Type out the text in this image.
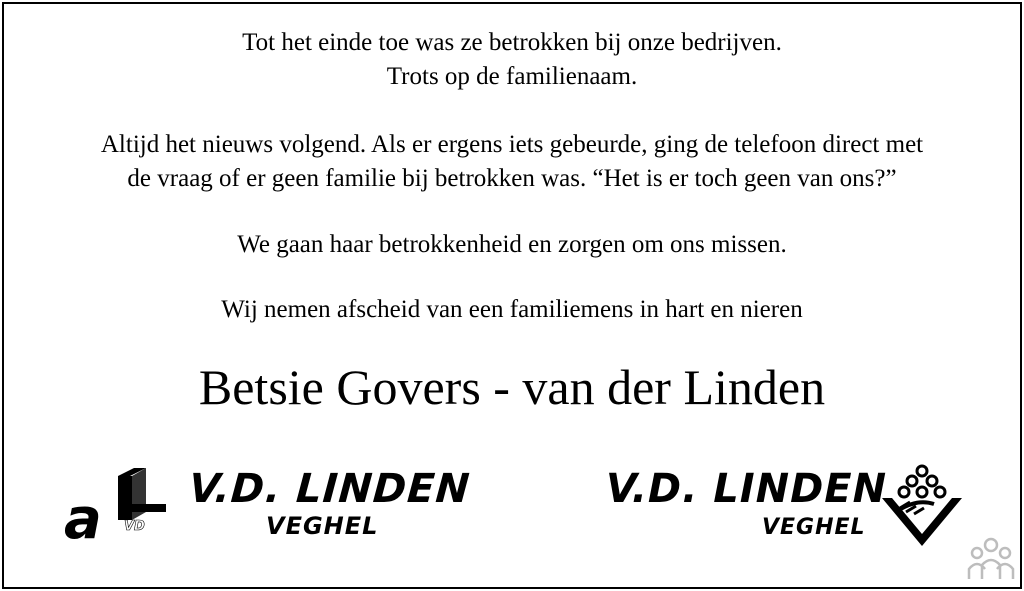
Tot het einde toe was ze betrokken bij onze bedrijven.
Trots op de familienaam.
Altijd het nieuws volgend. Als er ergens iets gebeurde, ging de telefoon direct met
de vraag of er geen familie bij betrokken was. “Het is er toch geen van ons?”
We gaan haar betrokkenheid en zorgen om ons missen.
Wij nemen afscheid van een familiemens in hart en nieren
Betsie Govers - van der Linden
a VD
V.D. LINDEN
VEGHEL
V.D. LINDEN
VEGHEL
